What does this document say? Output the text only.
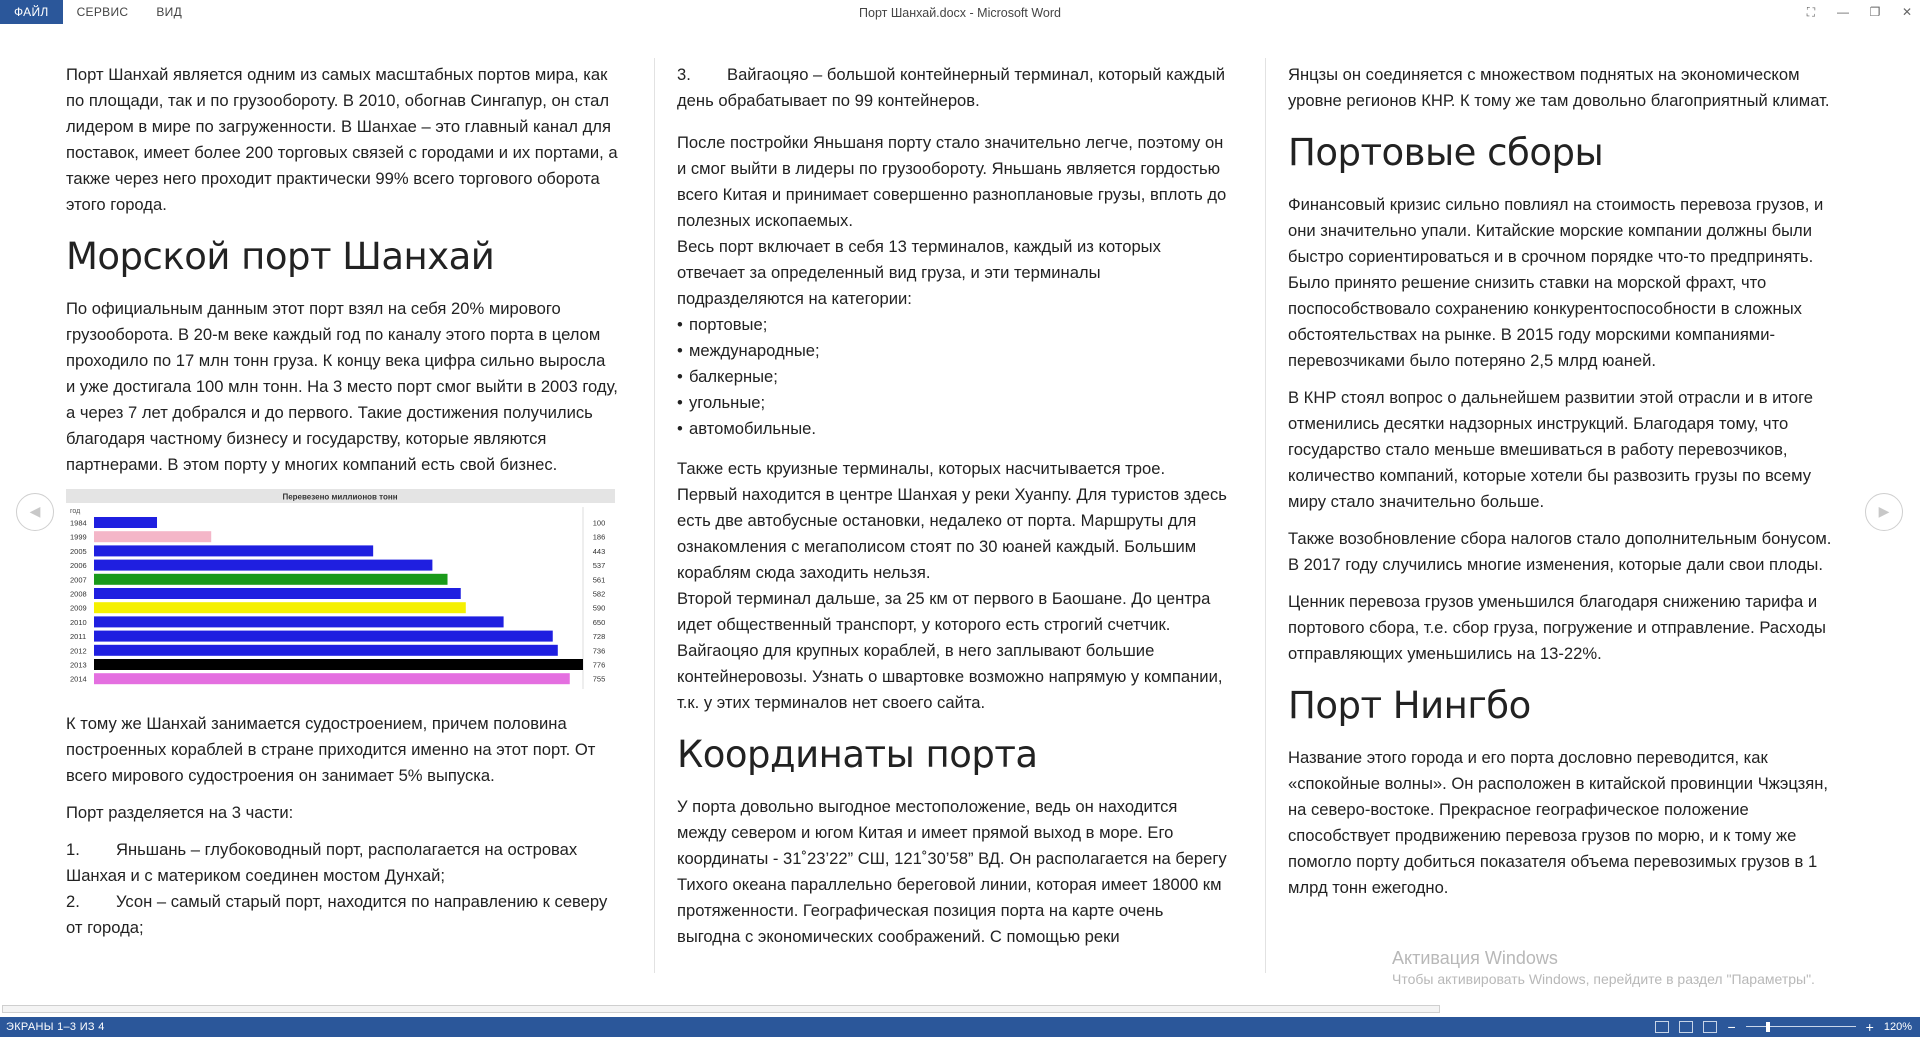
ФАЙЛ	СЕРВИС	ВИД	Порт Шанхай.docx - Microsoft Word	⛶ — ❐ ✕
◀	▶

Порт Шанхай является одним из самых масштабных портов мира, как по площади, так и по грузообороту. В 2010, обогнав Сингапур, он стал лидером в мире по загруженности. В Шанхае – это главный канал для поставок, имеет более 200 торговых связей с городами и их портами, а также через него проходит практически 99% всего торгового оборота этого города.

Морской порт Шанхай

По официальным данным этот порт взял на себя 20% мирового грузооборота. В 20-м веке каждый год по каналу этого порта в целом проходило по 17 млн тонн груза. К концу века цифра сильно выросла и уже достигала 100 млн тонн. На 3 место порт смог выйти в 2003 году, а через 7 лет добрался и до первого. Такие достижения получились благодаря частному бизнесу и государству, которые являются партнерами. В этом порту у многих компаний есть свой бизнес.

Перевезено миллионов тонн
год
1984	100
1999	186
2005	443
2006	537
2007	561
2008	582
2009	590
2010	650
2011	728
2012	736
2013	776
2014	755

К тому же Шанхай занимается судостроением, причем половина построенных кораблей в стране приходится именно на этот порт. От всего мирового судостроения он занимает 5% выпуска.

Порт разделяется на 3 части:

1. Яньшань – глубоководный порт, располагается на островах Шанхая и с материком соединен мостом Дунхай;

2. Усон – самый старый порт, находится по направлению к северу от города;

3. Вайгаоцяо – большой контейнерный терминал, который каждый день обрабатывает по 99 контейнеров.

После постройки Яньшаня порту стало значительно легче, поэтому он и смог выйти в лидеры по грузообороту. Яньшань является гордостью всего Китая и принимает совершенно разноплановые грузы, вплоть до полезных ископаемых.

Весь порт включает в себя 13 терминалов, каждый из которых отвечает за определенный вид груза, и эти терминалы подразделяются на категории:

• портовые;
• международные;
• балкерные;
• угольные;
• автомобильные.

Также есть круизные терминалы, которых насчитывается трое. Первый находится в центре Шанхая у реки Хуанпу. Для туристов здесь есть две автобусные остановки, недалеко от порта. Маршруты для ознакомления с мегаполисом стоят по 30 юаней каждый. Большим кораблям сюда заходить нельзя.

Второй терминал дальше, за 25 км от первого в Баошане. До центра идет общественный транспорт, у которого есть строгий счетчик.

Вайгаоцяо для крупных кораблей, в него заплывают большие контейнеровозы. Узнать о швартовке возможно напрямую у компании, т.к. у этих терминалов нет своего сайта.

Координаты порта

У порта довольно выгодное местоположение, ведь он находится между севером и югом Китая и имеет прямой выход в море. Его координаты - 31˚23’22” СШ, 121˚30’58” ВД. Он располагается на берегу Тихого океана параллельно береговой линии, которая имеет 18000 км протяженности. Географическая позиция порта на карте очень выгодна с экономических соображений. С помощью реки

Янцзы он соединяется с множеством поднятых на экономическом уровне регионов КНР. К тому же там довольно благоприятный климат.

Портовые сборы

Финансовый кризис сильно повлиял на стоимость перевоза грузов, и они значительно упали. Китайские морские компании должны были быстро сориентироваться и в срочном порядке что-то предпринять. Было принято решение снизить ставки на морской фрахт, что поспособствовало сохранению конкурентоспособности в сложных обстоятельствах на рынке. В 2015 году морскими компаниями-перевозчиками было потеряно 2,5 млрд юаней.

В КНР стоял вопрос о дальнейшем развитии этой отрасли и в итоге отменились десятки надзорных инструкций. Благодаря тому, что государство стало меньше вмешиваться в работу перевозчиков, количество компаний, которые хотели бы развозить грузы по всему миру стало значительно больше.

Также возобновление сбора налогов стало дополнительным бонусом. В 2017 году случились многие изменения, которые дали свои плоды.

Ценник перевоза грузов уменьшился благодаря снижению тарифа и портового сбора, т.е. сбор груза, погружение и отправление. Расходы отправляющих уменьшились на 13-22%.

Порт Нингбо

Название этого города и его порта дословно переводится, как «спокойные волны». Он расположен в китайской провинции Чжэцзян, на северо-востоке. Прекрасное географическое положение способствует продвижению перевоза грузов по морю, и к тому же помогло порту добиться показателя объема перевозимых грузов в 1 млрд тонн ежегодно.

Активация Windows
Чтобы активировать Windows, перейдите в раздел "Параметры".
ЭКРАНЫ 1–3 ИЗ 4	−	+ 120%
